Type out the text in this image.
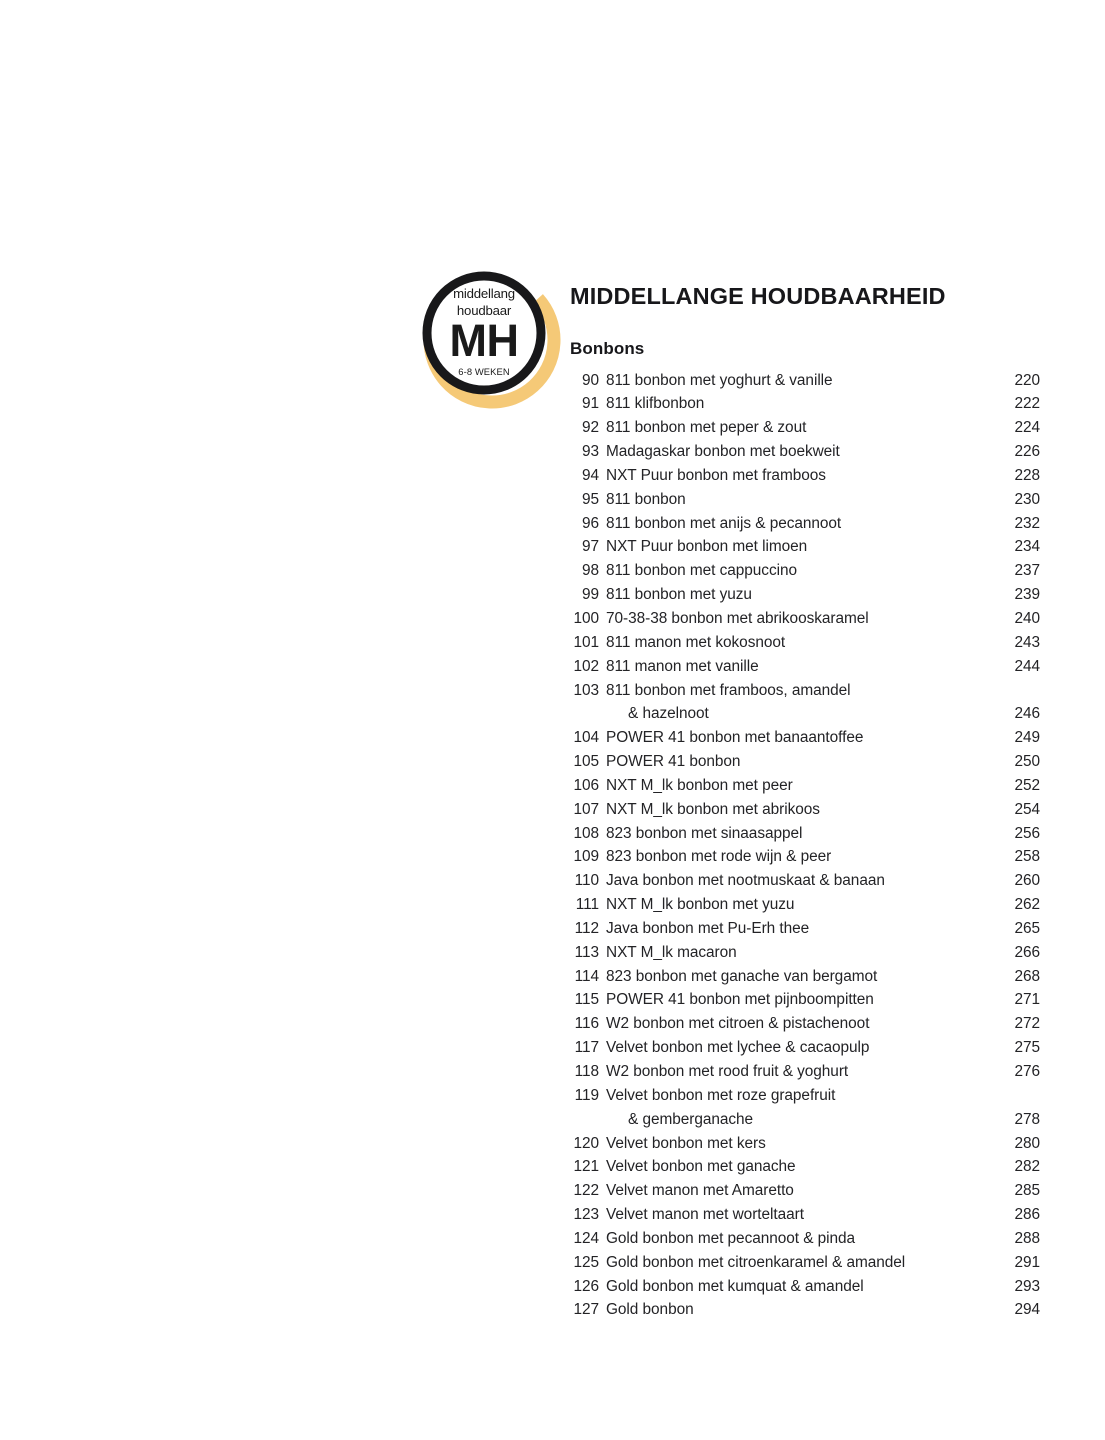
middellang
houdbaar
MH
6-8 WEKEN
MIDDELLANGE HOUDBAARHEID
Bonbons
90 811 bonbon met yoghurt & vanille	220
91 811 klifbonbon	222
92 811 bonbon met peper & zout	224
93 Madagaskar bonbon met boekweit	226
94 NXT Puur bonbon met framboos	228
95 811 bonbon	230
96 811 bonbon met anijs & pecannoot	232
97 NXT Puur bonbon met limoen	234
98 811 bonbon met cappuccino	237
99 811 bonbon met yuzu	239
100 70-38-38 bonbon met abrikooskaramel	240
101 811 manon met kokosnoot	243
102 811 manon met vanille	244
103 811 bonbon met framboos, amandel
& hazelnoot	246
104 POWER 41 bonbon met banaantoffee	249
105 POWER 41 bonbon	250
106 NXT M_lk bonbon met peer	252
107 NXT M_lk bonbon met abrikoos	254
108 823 bonbon met sinaasappel	256
109 823 bonbon met rode wijn & peer	258
110 Java bonbon met nootmuskaat & banaan	260
111 NXT M_lk bonbon met yuzu	262
112 Java bonbon met Pu-Erh thee	265
113 NXT M_lk macaron	266
114 823 bonbon met ganache van bergamot	268
115 POWER 41 bonbon met pijnboompitten	271
116 W2 bonbon met citroen & pistachenoot	272
117 Velvet bonbon met lychee & cacaopulp	275
118 W2 bonbon met rood fruit & yoghurt	276
119 Velvet bonbon met roze grapefruit
& gemberganache	278
120 Velvet bonbon met kers	280
121 Velvet bonbon met ganache	282
122 Velvet manon met Amaretto	285
123 Velvet manon met worteltaart	286
124 Gold bonbon met pecannoot & pinda	288
125 Gold bonbon met citroenkaramel & amandel	291
126 Gold bonbon met kumquat & amandel	293
127 Gold bonbon	294
